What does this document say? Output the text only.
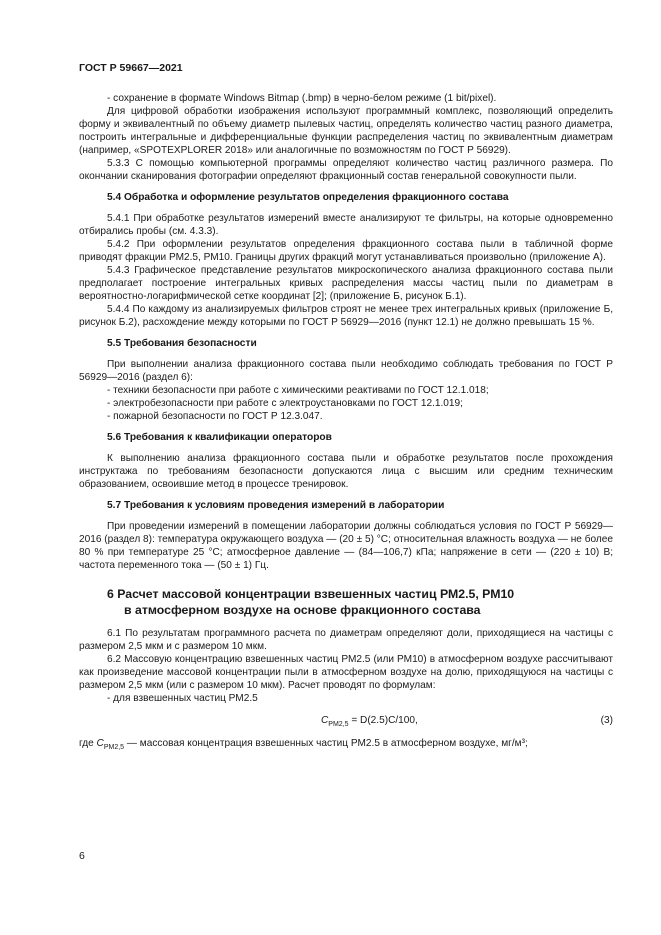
ГОСТ Р 59667—2021

- сохранение в формате Windows Bitmap (.bmp) в черно-белом режиме (1 bit/pixel).

Для цифровой обработки изображения используют программный комплекс, позволяющий определить форму и эквивалентный по объему диаметр пылевых частиц, определять количество частиц разного диаметра, построить интегральные и дифференциальные функции распределения частиц по эквивалентным диаметрам (например, «SPOTEXPLORER 2018» или аналогичные по возможностям по ГОСТ Р 56929).

5.3.3 С помощью компьютерной программы определяют количество частиц различного размера. По окончании сканирования фотографии определяют фракционный состав генеральной совокупности пыли.

5.4 Обработка и оформление результатов определения фракционного состава

5.4.1 При обработке результатов измерений вместе анализируют те фильтры, на которые одновременно отбирались пробы (см. 4.3.3).

5.4.2 При оформлении результатов определения фракционного состава пыли в табличной форме приводят фракции РМ2.5, РМ10. Границы других фракций могут устанавливаться произвольно (приложение А).

5.4.3 Графическое представление результатов микроскопического анализа фракционного состава пыли предполагает построение интегральных кривых распределения массы частиц пыли по диаметрам в вероятностно-логарифмической сетке координат [2]; (приложение Б, рисунок Б.1).

5.4.4 По каждому из анализируемых фильтров строят не менее трех интегральных кривых (приложение Б, рисунок Б.2), расхождение между которыми по ГОСТ Р 56929—2016 (пункт 12.1) не должно превышать 15 %.

5.5 Требования безопасности

При выполнении анализа фракционного состава пыли необходимо соблюдать требования по ГОСТ Р 56929—2016 (раздел 6):

- техники безопасности при работе с химическими реактивами по ГОСТ 12.1.018;

- электробезопасности при работе с электроустановками по ГОСТ 12.1.019;

- пожарной безопасности по ГОСТ Р 12.3.047.

5.6 Требования к квалификации операторов

К выполнению анализа фракционного состава пыли и обработке результатов после прохождения инструктажа по требованиям безопасности допускаются лица с высшим или средним техническим образованием, освоившие метод в процессе тренировок.

5.7 Требования к условиям проведения измерений в лаборатории

При проведении измерений в помещении лаборатории должны соблюдаться условия по ГОСТ Р 56929—2016 (раздел 8): температура окружающего воздуха — (20 ± 5) °С; относительная влажность воздуха — не более 80 % при температуре 25 °С; атмосферное давление — (84—106,7) кПа; напряжение в сети — (220 ± 10) В; частота переменного тока — (50 ± 1) Гц.

6 Расчет массовой концентрации взвешенных частиц РМ2.5, РМ10
в атмосферном воздухе на основе фракционного состава

6.1 По результатам программного расчета по диаметрам определяют доли, приходящиеся на частицы с размером 2,5 мкм и с размером 10 мкм.

6.2 Массовую концентрацию взвешенных частиц РМ2.5 (или РМ10) в атмосферном воздухе рассчитывают как произведение массовой концентрации пыли в атмосферном воздухе на долю, приходящуюся на частицы с размером 2,5 мкм (или с размером 10 мкм). Расчет проводят по формулам:

- для взвешенных частиц РМ2.5

$C_{PM2,5} = D(2.5)C/100$,	(3)

где $C_{PM2,5}$ — массовая концентрация взвешенных частиц РМ2.5 в атмосферном воздухе, мг/м³;

6
